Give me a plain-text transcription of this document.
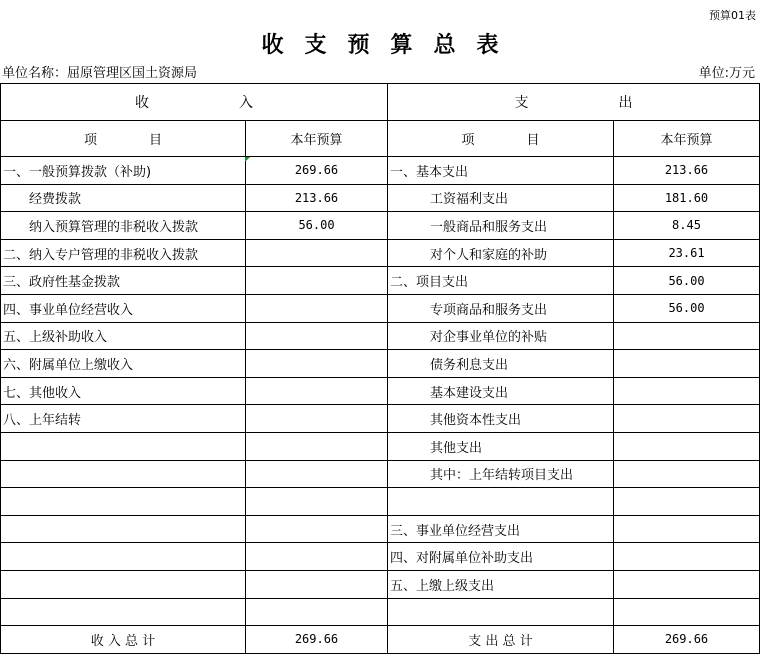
预算01表
收 支 预 算 总 表
单位名称：屈原管理区国土资源局	单位:万元
收 入		支 出	
项 目	本年预算	项 目	本年预算
一、一般预算拨款（补助)	269.66	一、基本支出	213.66
经费拨款	213.66	工资福利支出	181.60
纳入预算管理的非税收入拨款	56.00	一般商品和服务支出	8.45
二、纳入专户管理的非税收入拨款		对个人和家庭的补助	23.61
三、政府性基金拨款		二、项目支出	56.00
四、事业单位经营收入		专项商品和服务支出	56.00
五、上级补助收入		对企事业单位的补贴	
六、附属单位上缴收入		债务利息支出	
七、其他收入		基本建设支出	
八、上年结转		其他资本性支出	
		其他支出	
		其中：上年结转项目支出	

		三、事业单位经营支出	
		四、对附属单位补助支出	
		五、上缴上级支出	

收 入 总 计	269.66	支 出 总 计	269.66
